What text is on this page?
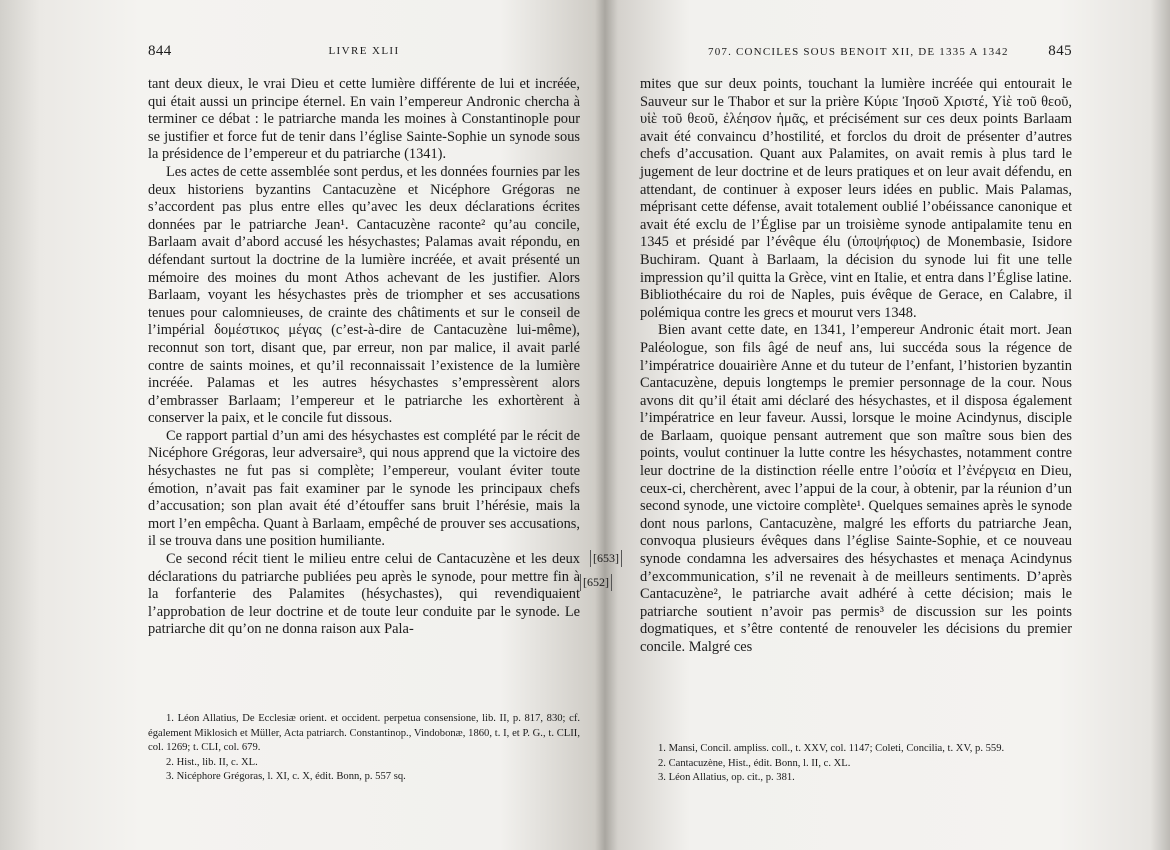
844	LIVRE XLII

tant deux dieux, le vrai Dieu et cette lumière différente de lui et incréée, qui était aussi un principe éternel. En vain l’empereur Andronic chercha à terminer ce débat : le patriarche manda les moines à Constantinople pour se justifier et force fut de tenir dans l’église Sainte-Sophie un synode sous la présidence de l’empereur et du patriarche (1341).

Les actes de cette assemblée sont perdus, et les données fournies par les deux historiens byzantins Cantacuzène et Nicéphore Grégoras ne s’accordent pas plus entre elles qu’avec les deux déclarations écrites données par le patriarche Jean¹. Cantacuzène raconte² qu’au concile, Barlaam avait d’abord accusé les hésychastes; Palamas avait répondu, en défendant surtout la doctrine de la lumière incréée, et avait présenté un mémoire des moines du mont Athos achevant de les justifier. Alors Barlaam, voyant les hésychastes près de triompher et ses accusations tenues pour calomnieuses, de crainte des châtiments et sur le conseil de l’impérial δομέστικος μέγας (c’est-à-dire de Cantacuzène lui-même), reconnut son tort, disant que, par erreur, non par malice, il avait parlé contre de saints moines, et qu’il reconnaissait l’existence de la lumière incréée. Palamas et les autres hésychastes s’empressèrent alors d’embrasser Barlaam; l’empereur et le patriarche les exhortèrent à conserver la paix, et le concile fut dissous.

Ce rapport partial d’un ami des hésychastes est complété par le récit de Nicéphore Grégoras, leur adversaire³, qui nous apprend que la victoire des hésychastes ne fut pas si complète; l’empereur, voulant éviter toute émotion, n’avait pas fait examiner par le synode les principaux chefs d’accusation; son plan avait été d’étouffer sans bruit l’hérésie, mais la mort l’en empêcha. Quant à Barlaam, empêché de prouver ses accusations, il se trouva dans une position humiliante.

Ce second récit tient le milieu entre celui de Cantacuzène et les deux déclarations du patriarche publiées peu après le synode, pour mettre fin à la forfanterie des Palamites (hésychastes), qui revendiquaient l’approbation de leur doctrine et de toute leur conduite par le synode. Le patriarche dit qu’on ne donna raison aux Pala-

[652]

1. Léon Allatius, De Ecclesiæ orient. et occident. perpetua consensione, lib. II, p. 817, 830; cf. également Miklosich et Müller, Acta patriarch. Constantinop., Vindobonæ, 1860, t. I, et P. G., t. CLII, col. 1269; t. CLI, col. 679.

2. Hist., lib. II, c. XL.

3. Nicéphore Grégoras, l. XI, c. X, édit. Bonn, p. 557 sq.

707. CONCILES SOUS BENOIT XII, DE 1335 A 1342	845

mites que sur deux points, touchant la lumière incréée qui entourait le Sauveur sur le Thabor et sur la prière Κύριε Ἰησοῦ Χριστέ, Υἱὲ τοῦ θεοῦ, υἱὲ τοῦ θεοῦ, ἐλέησον ἡμᾶς, et précisément sur ces deux points Barlaam avait été convaincu d’hostilité, et forclos du droit de présenter d’autres chefs d’accusation. Quant aux Palamites, on avait remis à plus tard le jugement de leur doctrine et de leurs pratiques et on leur avait défendu, en attendant, de continuer à exposer leurs idées en public. Mais Palamas, méprisant cette défense, avait totalement oublié l’obéissance canonique et avait été exclu de l’Église par un troisième synode antipalamite tenu en 1345 et présidé par l’évêque élu (ὑποψήφιος) de Monembasie, Isidore Buchiram. Quant à Barlaam, la décision du synode lui fit une telle impression qu’il quitta la Grèce, vint en Italie, et entra dans l’Église latine. Bibliothécaire du roi de Naples, puis évêque de Gerace, en Calabre, il polémiqua contre les grecs et mourut vers 1348.

Bien avant cette date, en 1341, l’empereur Andronic était mort. Jean Paléologue, son fils âgé de neuf ans, lui succéda sous la régence de l’impératrice douairière Anne et du tuteur de l’enfant, l’historien byzantin Cantacuzène, depuis longtemps le premier personnage de la cour. Nous avons dit qu’il était ami déclaré des hésychastes, et il disposa également l’impératrice en leur faveur. Aussi, lorsque le moine Acindynus, disciple de Barlaam, quoique pensant autrement que son maître sous bien des points, voulut continuer la lutte contre les hésychastes, notamment contre leur doctrine de la distinction réelle entre l’οὐσία et l’ἐνέργεια en Dieu, ceux-ci, cherchèrent, avec l’appui de la cour, à obtenir, par la réunion d’un second synode, une victoire complète¹. Quelques semaines après le synode dont nous parlons, Cantacuzène, malgré les efforts du patriarche Jean, convoqua plusieurs évêques dans l’église Sainte-Sophie, et ce nouveau synode condamna les adversaires des hésychastes et menaça Acindynus d’excommunication, s’il ne revenait à de meilleurs sentiments. D’après Cantacuzène², le patriarche avait adhéré à cette décision; mais le patriarche soutient n’avoir pas permis³ de discussion sur les points dogmatiques, et s’être contenté de renouveler les décisions du premier concile. Malgré ces

[653]

1. Mansi, Concil. ampliss. coll., t. XXV, col. 1147; Coleti, Concilia, t. XV, p. 559.

2. Cantacuzène, Hist., édit. Bonn, l. II, c. XL.

3. Léon Allatius, op. cit., p. 381.
